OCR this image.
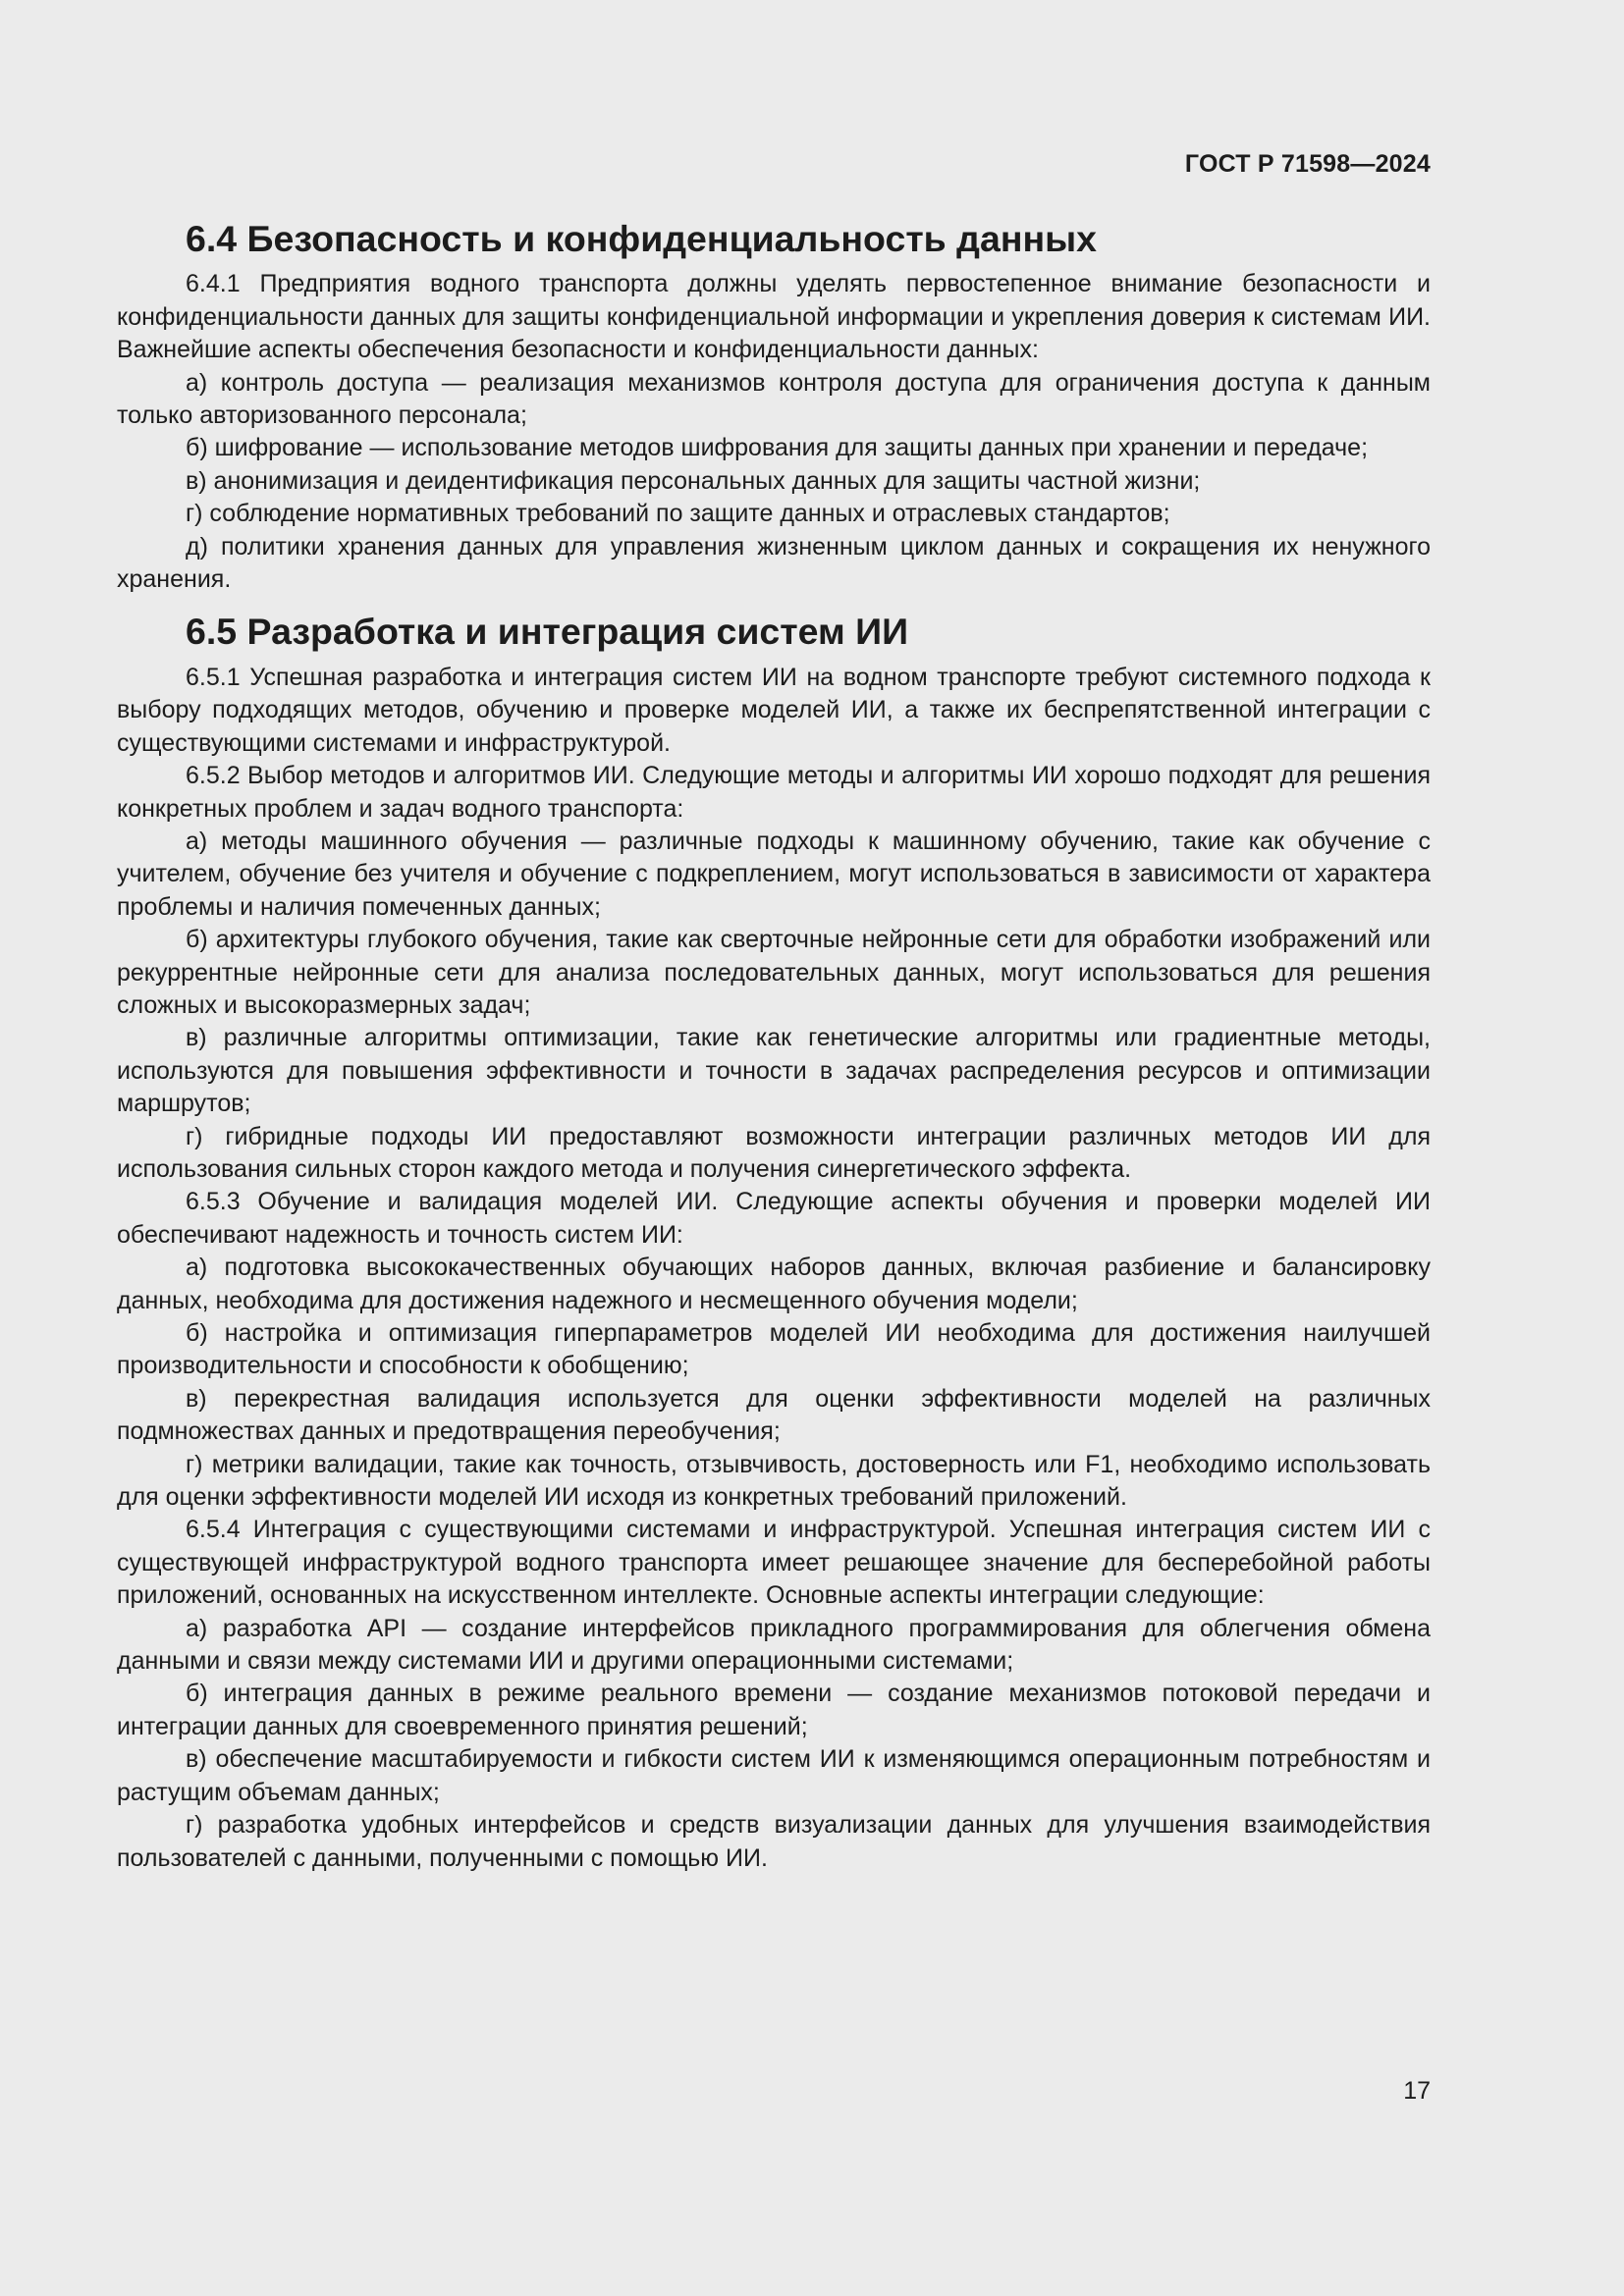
ГОСТ Р 71598—2024
6.4 Безопасность и конфиденциальность данных

6.4.1 Предприятия водного транспорта должны уделять первостепенное внимание безопасности и конфиденциальности данных для защиты конфиденциальной информации и укрепления доверия к системам ИИ. Важнейшие аспекты обеспечения безопасности и конфиденциальности данных:

а) контроль доступа — реализация механизмов контроля доступа для ограничения доступа к данным только авторизованного персонала;

б) шифрование — использование методов шифрования для защиты данных при хранении и передаче;

в) анонимизация и деидентификация персональных данных для защиты частной жизни;

г) соблюдение нормативных требований по защите данных и отраслевых стандартов;

д) политики хранения данных для управления жизненным циклом данных и сокращения их ненужного хранения.

6.5 Разработка и интеграция систем ИИ

6.5.1 Успешная разработка и интеграция систем ИИ на водном транспорте требуют системного подхода к выбору подходящих методов, обучению и проверке моделей ИИ, а также их беспрепятственной интеграции с существующими системами и инфраструктурой.

6.5.2 Выбор методов и алгоритмов ИИ. Следующие методы и алгоритмы ИИ хорошо подходят для решения конкретных проблем и задач водного транспорта:

а) методы машинного обучения — различные подходы к машинному обучению, такие как обучение с учителем, обучение без учителя и обучение с подкреплением, могут использоваться в зависимости от характера проблемы и наличия помеченных данных;

б) архитектуры глубокого обучения, такие как сверточные нейронные сети для обработки изображений или рекуррентные нейронные сети для анализа последовательных данных, могут использоваться для решения сложных и высокоразмерных задач;

в) различные алгоритмы оптимизации, такие как генетические алгоритмы или градиентные методы, используются для повышения эффективности и точности в задачах распределения ресурсов и оптимизации маршрутов;

г) гибридные подходы ИИ предоставляют возможности интеграции различных методов ИИ для использования сильных сторон каждого метода и получения синергетического эффекта.

6.5.3 Обучение и валидация моделей ИИ. Следующие аспекты обучения и проверки моделей ИИ обеспечивают надежность и точность систем ИИ:

а) подготовка высококачественных обучающих наборов данных, включая разбиение и балансировку данных, необходима для достижения надежного и несмещенного обучения модели;

б) настройка и оптимизация гиперпараметров моделей ИИ необходима для достижения наилучшей производительности и способности к обобщению;

в) перекрестная валидация используется для оценки эффективности моделей на различных подмножествах данных и предотвращения переобучения;

г) метрики валидации, такие как точность, отзывчивость, достоверность или F1, необходимо использовать для оценки эффективности моделей ИИ исходя из конкретных требований приложений.

6.5.4 Интеграция с существующими системами и инфраструктурой. Успешная интеграция систем ИИ с существующей инфраструктурой водного транспорта имеет решающее значение для бесперебойной работы приложений, основанных на искусственном интеллекте. Основные аспекты интеграции следующие:

а) разработка API — создание интерфейсов прикладного программирования для облегчения обмена данными и связи между системами ИИ и другими операционными системами;

б) интеграция данных в режиме реального времени — создание механизмов потоковой передачи и интеграции данных для своевременного принятия решений;

в) обеспечение масштабируемости и гибкости систем ИИ к изменяющимся операционным потребностям и растущим объемам данных;

г) разработка удобных интерфейсов и средств визуализации данных для улучшения взаимодействия пользователей с данными, полученными с помощью ИИ.

17
